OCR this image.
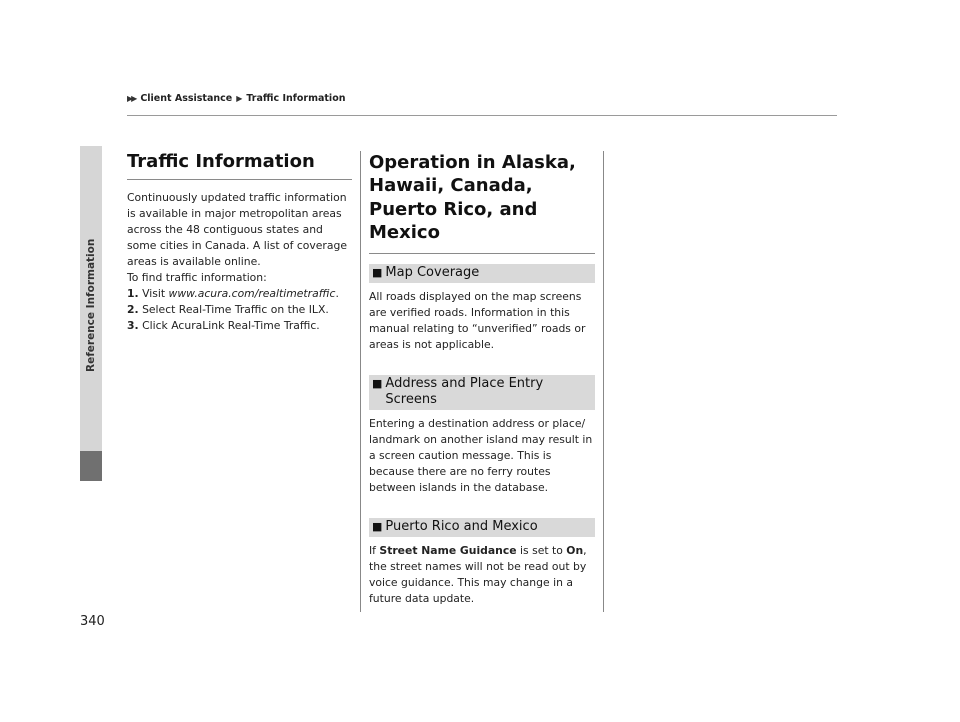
▶▶ Client Assistance ▶ Traffic Information
Reference Information
340
Traffic Information

Continuously updated traffic information is available in major metropolitan areas across the 48 contiguous states and some cities in Canada. A list of coverage areas is available online.

To find traffic information:

1. Visit www.acura.com/realtimetraffic.

2. Select Real-Time Traffic on the ILX.

3. Click AcuraLink Real-Time Traffic.

Operation in Alaska, Hawaii, Canada, Puerto Rico, and Mexico
■ Map Coverage

All roads displayed on the map screens are verified roads. Information in this manual relating to “unverified” roads or areas is not applicable.

■ Address and Place Entry Screens

Entering a destination address or place/ landmark on another island may result in a screen caution message. This is because there are no ferry routes between islands in the database.

■ Puerto Rico and Mexico

If Street Name Guidance is set to On, the street names will not be read out by voice guidance. This may change in a future data update.
